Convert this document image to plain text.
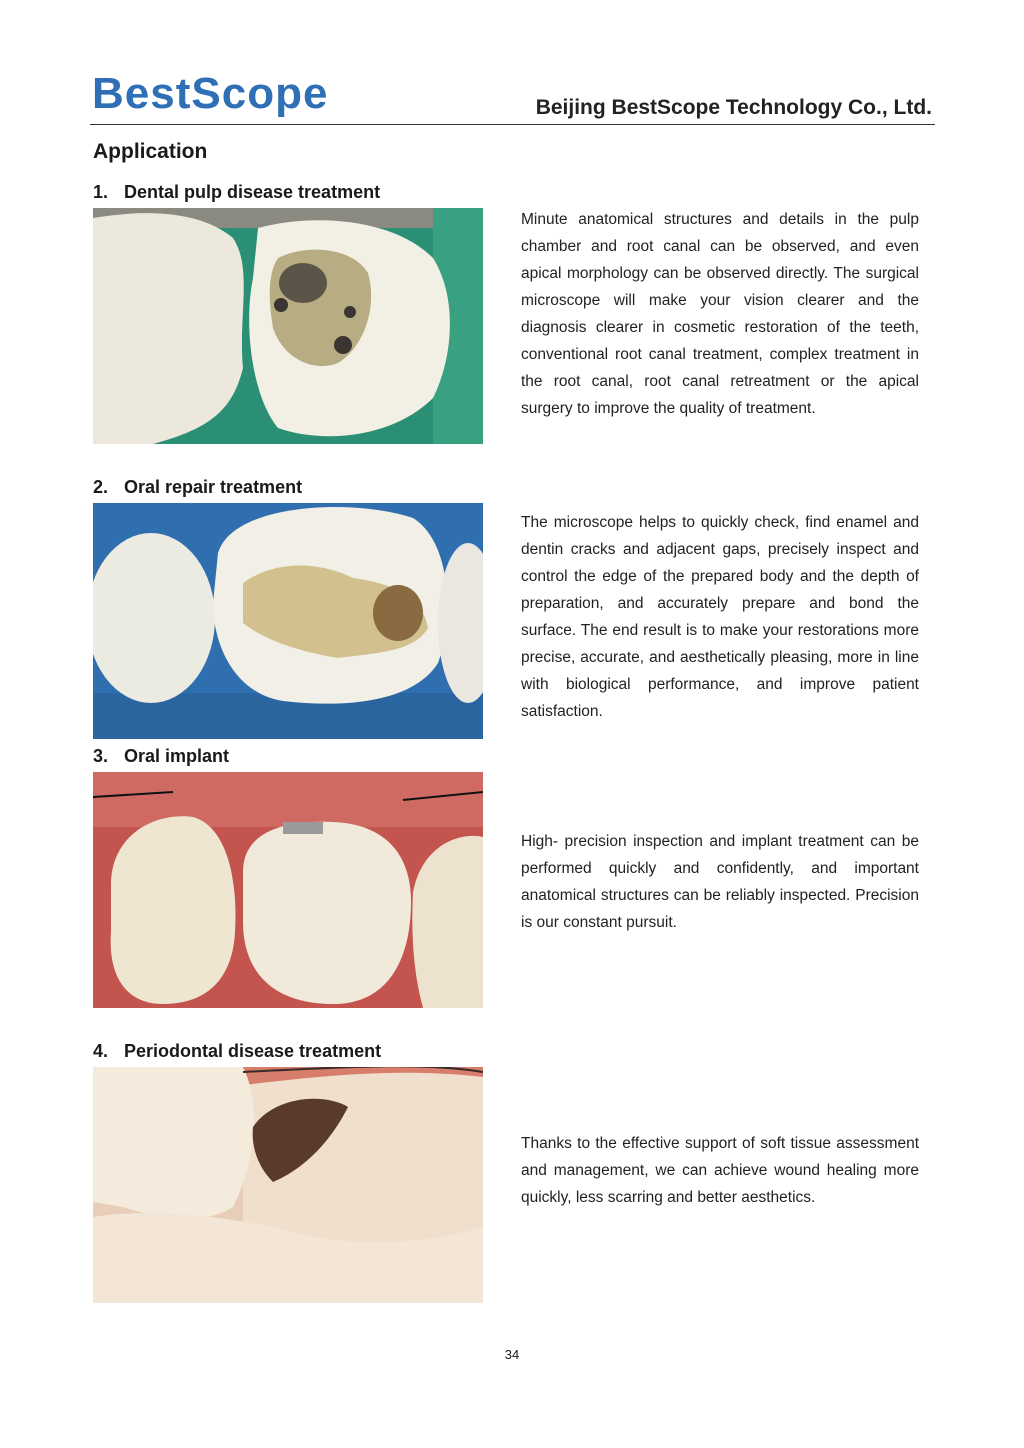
BestScope	Beijing BestScope Technology Co., Ltd.
Application
1. Dental pulp disease treatment

Minute anatomical structures and details in the pulp chamber and root canal can be observed, and even apical morphology can be observed directly. The surgical microscope will make your vision clearer and the diagnosis clearer in cosmetic restoration of the teeth, conventional root canal treatment, complex treatment in the root canal, root canal retreatment or the apical surgery to improve the quality of treatment.

2. Oral repair treatment

The microscope helps to quickly check, find enamel and dentin cracks and adjacent gaps, precisely inspect and control the edge of the prepared body and the depth of preparation, and accurately prepare and bond the surface. The end result is to make your restorations more precise, accurate, and aesthetically pleasing, more in line with biological performance, and improve patient satisfaction.

3. Oral implant

High- precision inspection and implant treatment can be performed quickly and confidently, and important anatomical structures can be reliably inspected. Precision is our constant pursuit.

4. Periodontal disease treatment

Thanks to the effective support of soft tissue assessment and management, we can achieve wound healing more quickly, less scarring and better aesthetics.

34
